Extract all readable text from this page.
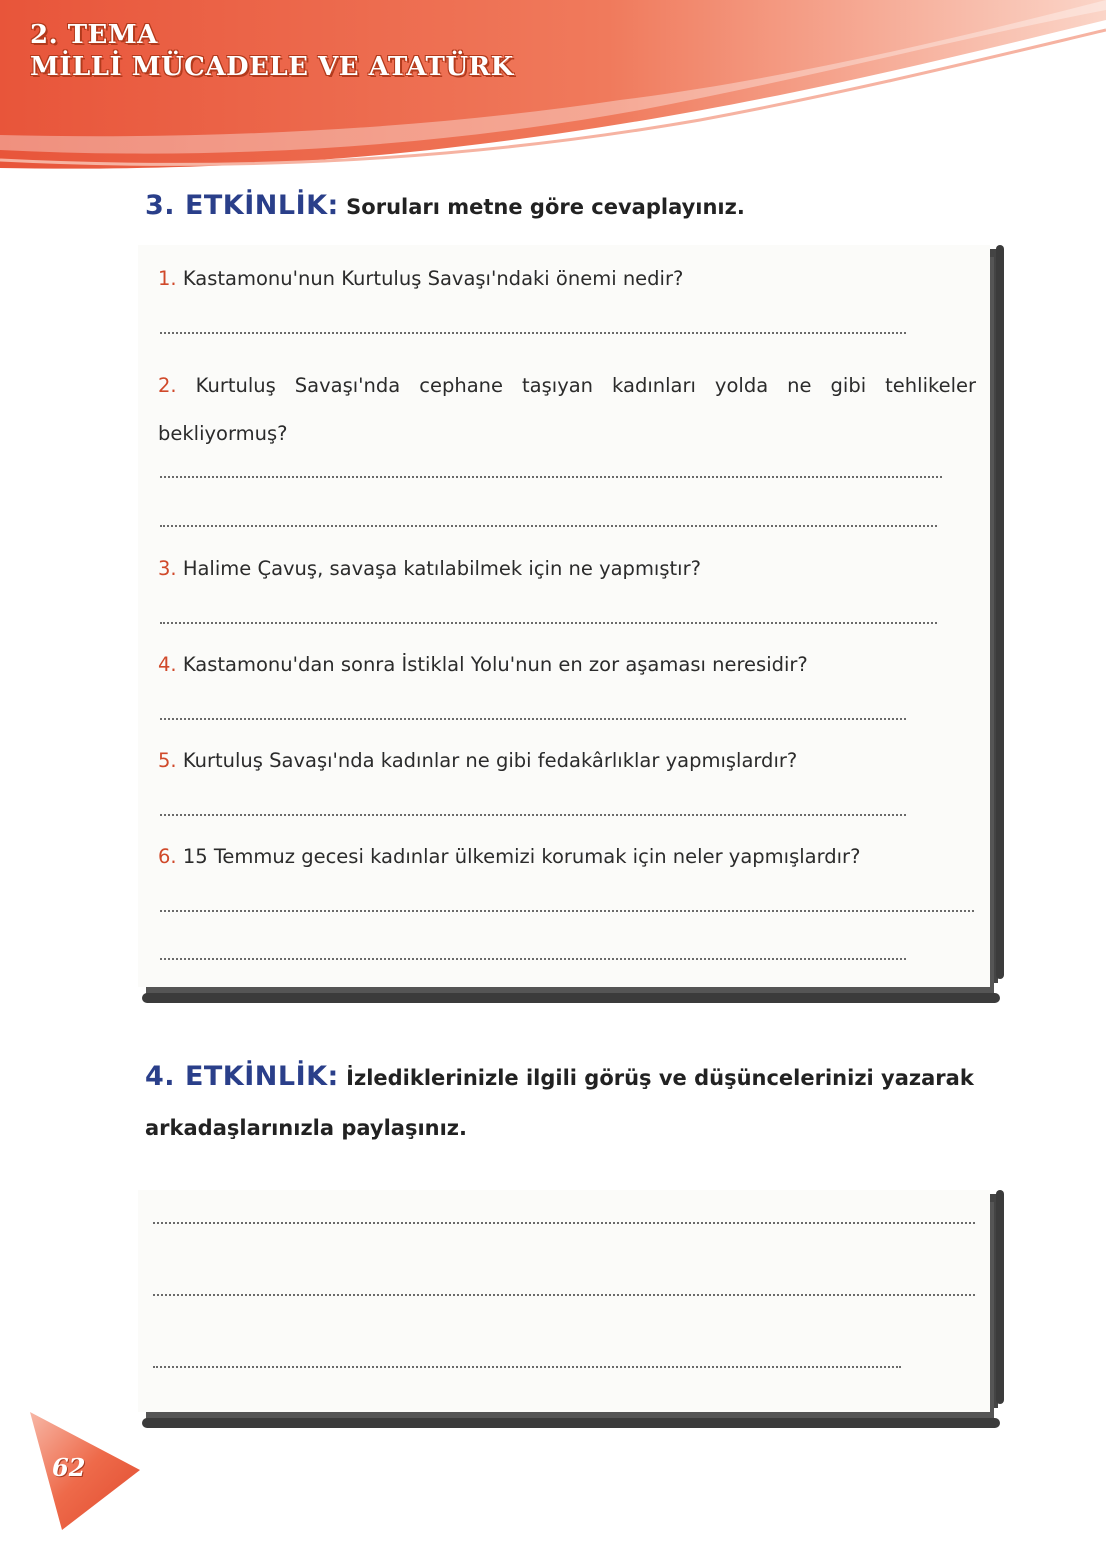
2. TEMA

MİLLİ MÜCADELE VE ATATÜRK

3. ETKİNLİK: Soruları metne göre cevaplayınız.

1. Kastamonu'nun Kurtuluş Savaşı'ndaki önemi nedir?

2. Kurtuluş Savaşı'nda cephane taşıyan kadınları yolda ne gibi tehlikeler bekliyormuş?

3. Halime Çavuş, savaşa katılabilmek için ne yapmıştır?

4. Kastamonu'dan sonra İstiklal Yolu'nun en zor aşaması neresidir?

5. Kurtuluş Savaşı'nda kadınlar ne gibi fedakârlıklar yapmışlardır?

6. 15 Temmuz gecesi kadınlar ülkemizi korumak için neler yapmışlardır?

4. ETKİNLİK: İzlediklerinizle ilgili görüş ve düşüncelerinizi yazarak arkadaşlarınızla paylaşınız.

62
